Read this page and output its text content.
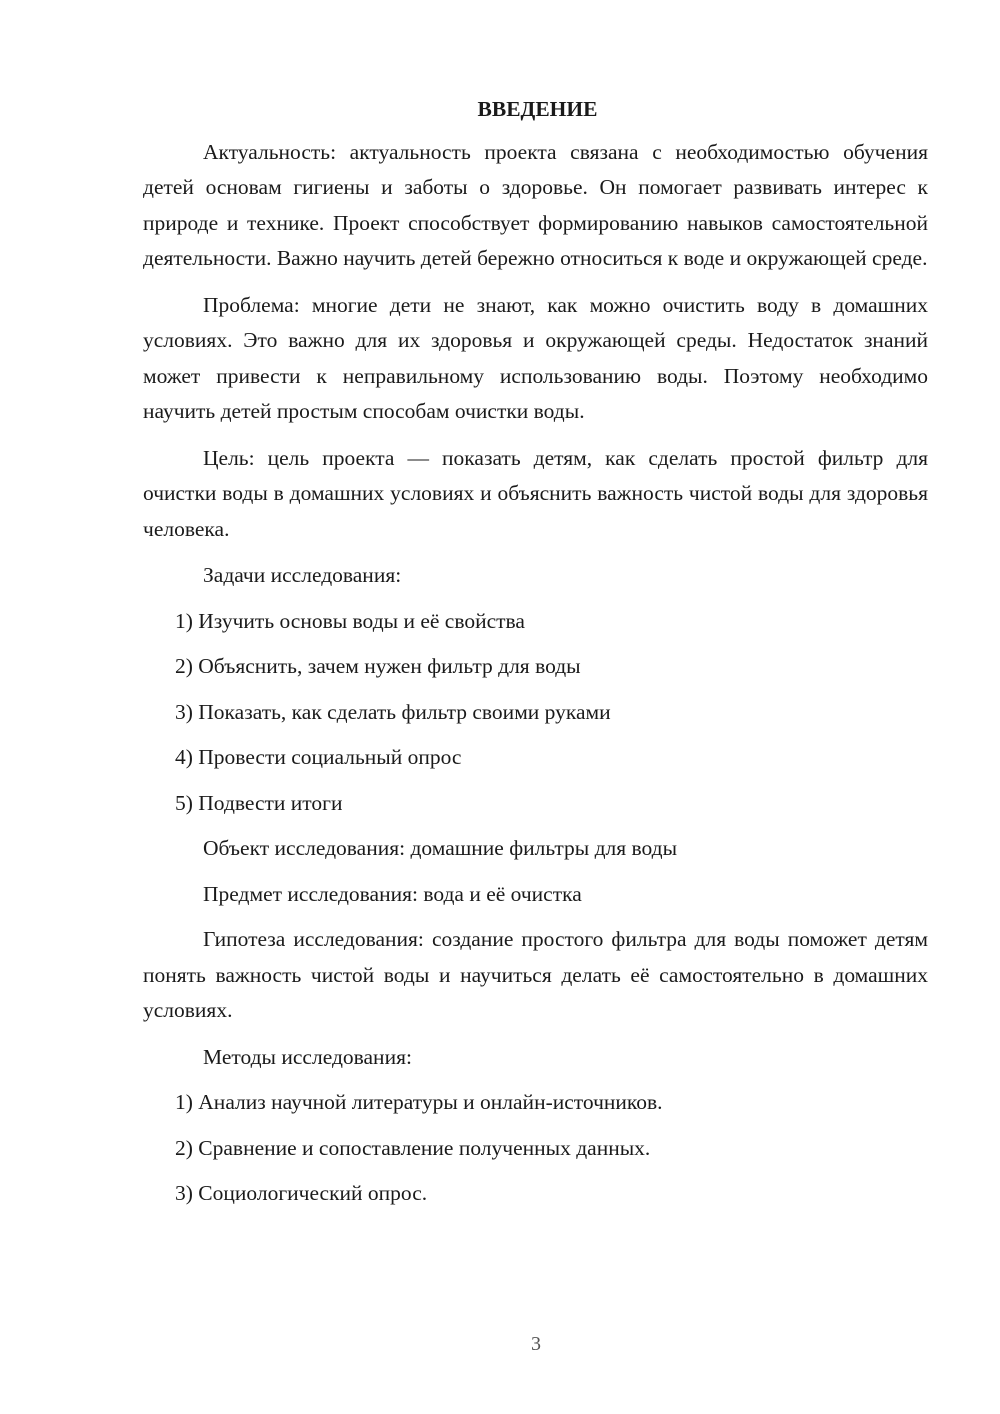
ВВЕДЕНИЕ

Актуальность: актуальность проекта связана с необходимостью обучения детей основам гигиены и заботы о здоровье. Он помогает развивать интерес к природе и технике. Проект способствует формированию навыков самостоятельной деятельности. Важно научить детей бережно относиться к воде и окружающей среде.

Проблема: многие дети не знают, как можно очистить воду в домашних условиях. Это важно для их здоровья и окружающей среды. Недостаток знаний может привести к неправильному использованию воды. Поэтому необходимо научить детей простым способам очистки воды.

Цель: цель проекта — показать детям, как сделать простой фильтр для очистки воды в домашних условиях и объяснить важность чистой воды для здоровья человека.

Задачи исследования:
1) Изучить основы воды и её свойства
2) Объяснить, зачем нужен фильтр для воды
3) Показать, как сделать фильтр своими руками
4) Провести социальный опрос
5) Подвести итоги
Объект исследования: домашние фильтры для воды
Предмет исследования: вода и её очистка

Гипотеза исследования: создание простого фильтра для воды поможет детям понять важность чистой воды и научиться делать её самостоятельно в домашних условиях.

Методы исследования:
1) Анализ научной литературы и онлайн-источников.
2) Сравнение и сопоставление полученных данных.
3) Социологический опрос.
3
